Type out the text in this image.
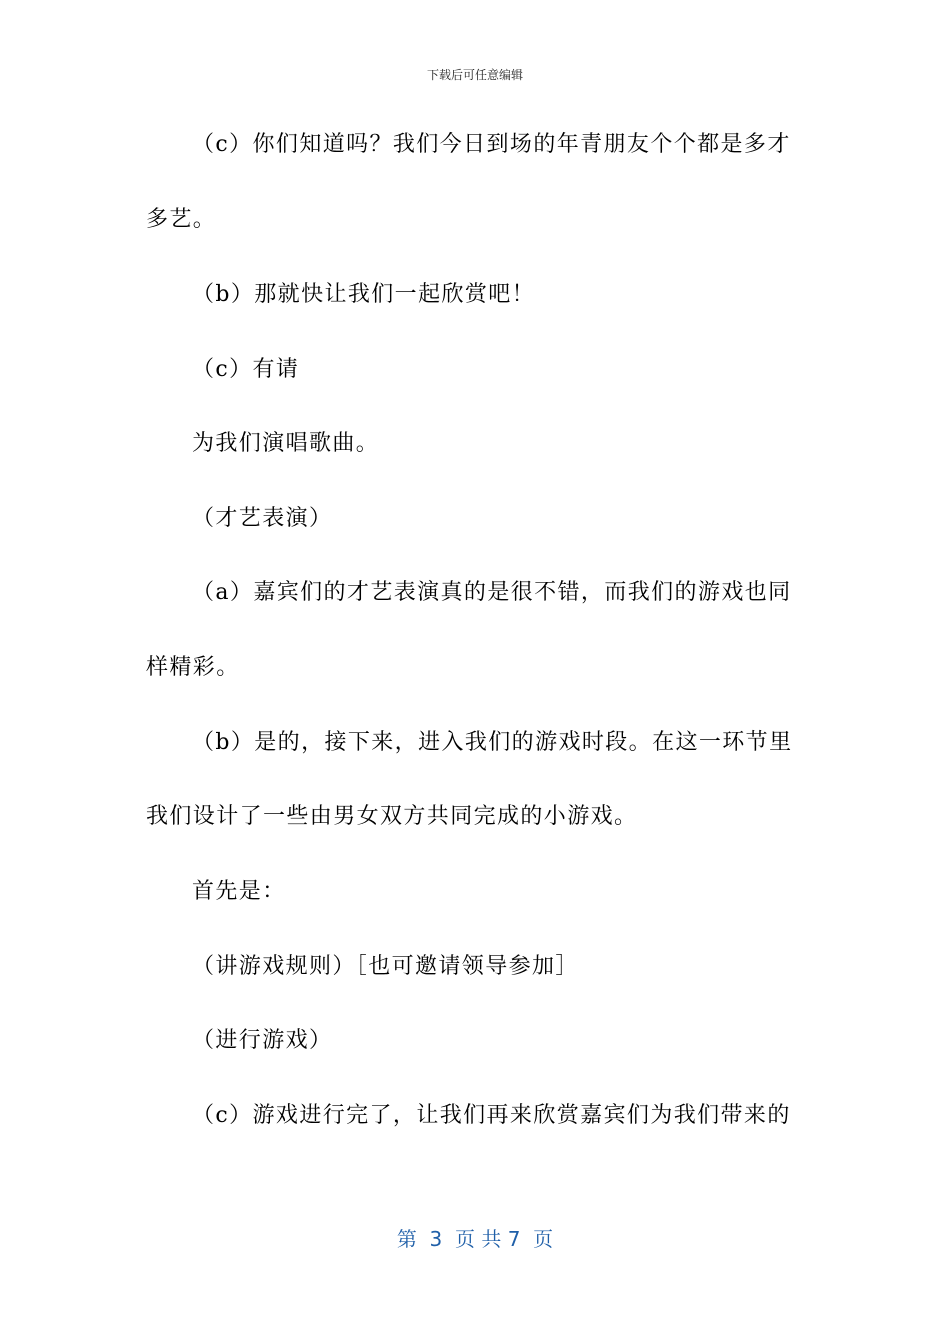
下载后可任意编辑
（c）你们知道吗？我们今日到场的年青朋友个个都是多才
多艺。
（b）那就快让我们一起欣赏吧！
（c）有请
为我们演唱歌曲。
（才艺表演）
（a）嘉宾们的才艺表演真的是很不错，而我们的游戏也同
样精彩。
（b）是的，接下来，进入我们的游戏时段。在这一环节里
我们设计了一些由男女双方共同完成的小游戏。
首先是：
（讲游戏规则）［也可邀请领导参加］
（进行游戏）
（c）游戏进行完了，让我们再来欣赏嘉宾们为我们带来的
第  3  页 共 7  页
